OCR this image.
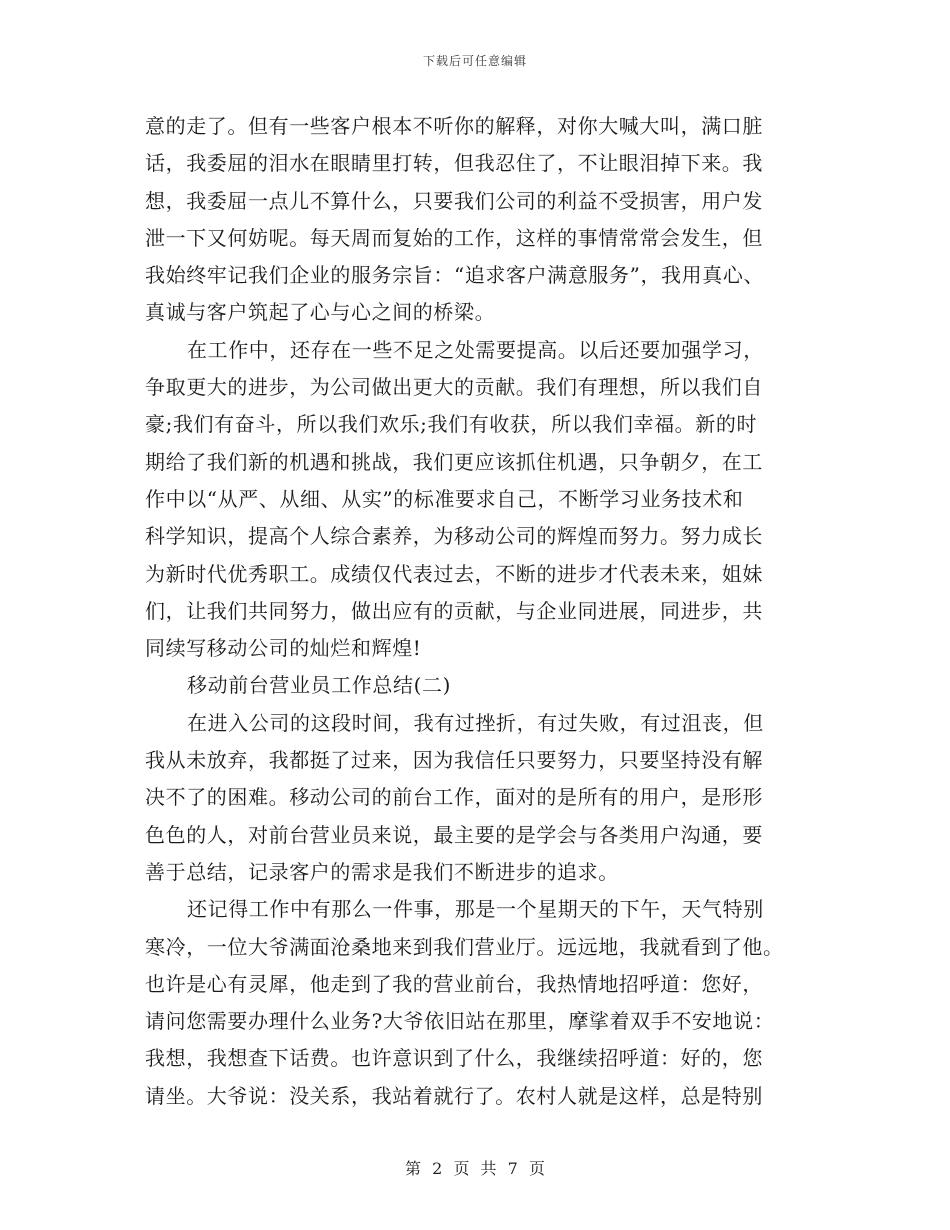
下载后可任意编辑
意的走了。但有一些客户根本不听你的解释，对你大喊大叫，满口脏
话，我委屈的泪水在眼睛里打转，但我忍住了，不让眼泪掉下来。我
想，我委屈一点儿不算什么，只要我们公司的利益不受损害，用户发
泄一下又何妨呢。每天周而复始的工作，这样的事情常常会发生，但
我始终牢记我们企业的服务宗旨：“追求客户满意服务”，我用真心、
真诚与客户筑起了心与心之间的桥梁。
在工作中，还存在一些不足之处需要提高。以后还要加强学习，
争取更大的进步，为公司做出更大的贡献。我们有理想，所以我们自
豪;我们有奋斗，所以我们欢乐;我们有收获，所以我们幸福。新的时
期给了我们新的机遇和挑战，我们更应该抓住机遇，只争朝夕，在工
作中以“从严、从细、从实”的标准要求自己，不断学习业务技术和
科学知识，提高个人综合素养，为移动公司的辉煌而努力。努力成长
为新时代优秀职工。成绩仅代表过去，不断的进步才代表未来，姐妹
们，让我们共同努力，做出应有的贡献，与企业同进展，同进步，共
同续写移动公司的灿烂和辉煌!
移动前台营业员工作总结(二)
在进入公司的这段时间，我有过挫折，有过失败，有过沮丧，但
我从未放弃，我都挺了过来，因为我信任只要努力，只要坚持没有解
决不了的困难。移动公司的前台工作，面对的是所有的用户，是形形
色色的人，对前台营业员来说，最主要的是学会与各类用户沟通，要
善于总结，记录客户的需求是我们不断进步的追求。
还记得工作中有那么一件事，那是一个星期天的下午，天气特别
寒冷，一位大爷满面沧桑地来到我们营业厅。远远地，我就看到了他。
也许是心有灵犀，他走到了我的营业前台，我热情地招呼道：您好，
请问您需要办理什么业务?大爷依旧站在那里，摩挲着双手不安地说：
我想，我想查下话费。也许意识到了什么，我继续招呼道：好的，您
请坐。大爷说：没关系，我站着就行了。农村人就是这样，总是特别
第 2 页 共 7 页
